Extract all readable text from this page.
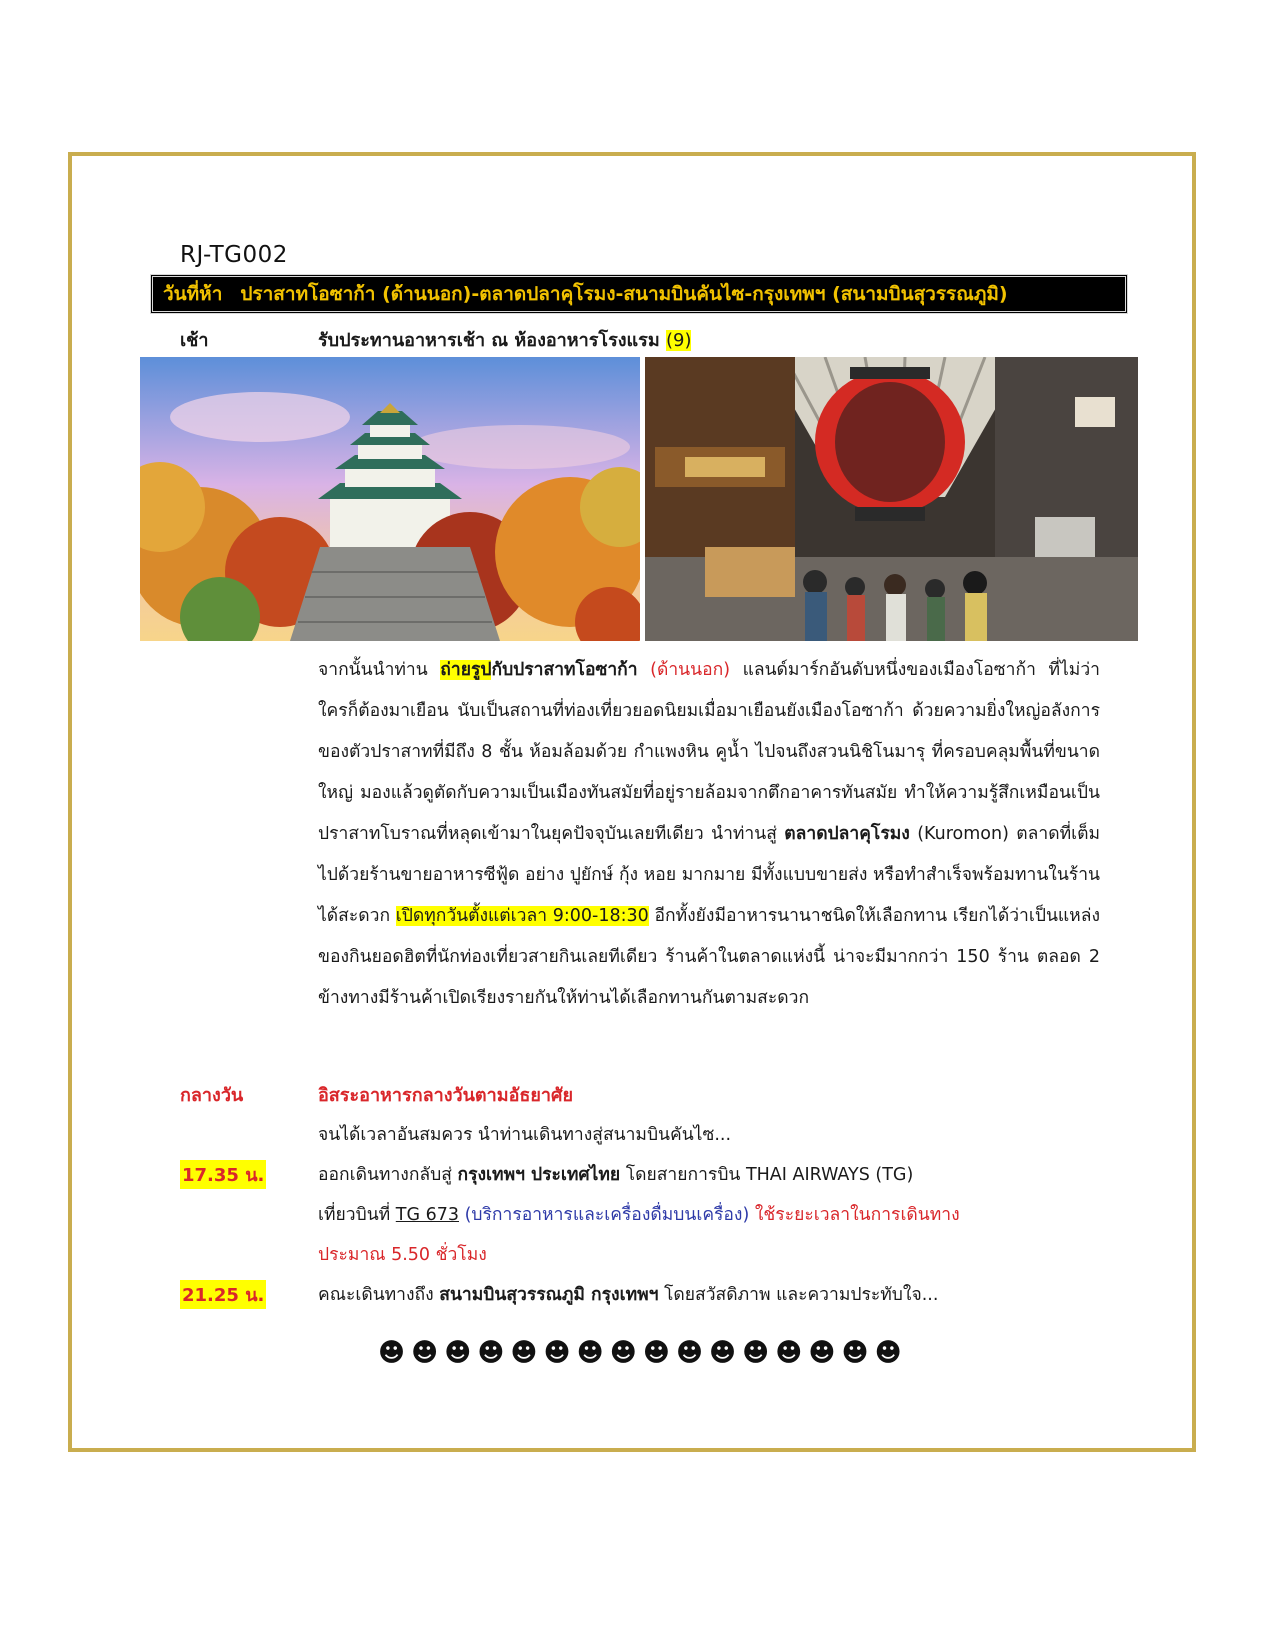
RJ-TG002
วันที่ห้า ปราสาทโอซาก้า (ด้านนอก)-ตลาดปลาคุโรมง-สนามบินคันไซ-กรุงเทพฯ (สนามบินสุวรรณภูมิ)
เช้า	รับประทานอาหารเช้า ณ ห้องอาหารโรงแรม (9)
จากนั้นนำท่าน ถ่ายรูปกับปราสาทโอซาก้า (ด้านนอก) แลนด์มาร์กอันดับหนึ่งของเมืองโอซาก้า ที่ไม่ว่าใครก็ต้องมาเยือน นับเป็นสถานที่ท่องเที่ยวยอดนิยมเมื่อมาเยือนยังเมืองโอซาก้า ด้วยความยิ่งใหญ่อลังการของตัวปราสาทที่มีถึง 8 ชั้น ห้อมล้อมด้วย กำแพงหิน คูน้ำ ไปจนถึงสวนนิชิโนมารุ ที่ครอบคลุมพื้นที่ขนาดใหญ่ มองแล้วดูตัดกับความเป็นเมืองทันสมัยที่อยู่รายล้อมจากตึกอาคารทันสมัย ทำให้ความรู้สึกเหมือนเป็นปราสาทโบราณที่หลุดเข้ามาในยุคปัจจุบันเลยทีเดียว นำท่านสู่ ตลาดปลาคุโรมง (Kuromon) ตลาดที่เต็มไปด้วยร้านขายอาหารซีฟู้ด อย่าง ปูยักษ์ กุ้ง หอย มากมาย มีทั้งแบบขายส่ง หรือทำสำเร็จพร้อมทานในร้านได้สะดวก เปิดทุกวันตั้งแต่เวลา 9:00-18:30 อีกทั้งยังมีอาหารนานาชนิดให้เลือกทาน เรียกได้ว่าเป็นแหล่งของกินยอดฮิตที่นักท่องเที่ยวสายกินเลยทีเดียว ร้านค้าในตลาดแห่งนี้ น่าจะมีมากกว่า 150 ร้าน ตลอด 2 ข้างทางมีร้านค้าเปิดเรียงรายกันให้ท่านได้เลือกทานกันตามสะดวก
กลางวัน	อิสระอาหารกลางวันตามอัธยาศัย
จนได้เวลาอันสมควร นำท่านเดินทางสู่สนามบินคันไซ...
17.35 น.	ออกเดินทางกลับสู่ กรุงเทพฯ ประเทศไทย โดยสายการบิน THAI AIRWAYS (TG)
เที่ยวบินที่ TG 673 (บริการอาหารและเครื่องดื่มบนเครื่อง) ใช้ระยะเวลาในการเดินทาง
ประมาณ 5.50 ชั่วโมง
21.25 น.	คณะเดินทางถึง สนามบินสุวรรณภูมิ กรุงเทพฯ โดยสวัสดิภาพ และความประทับใจ...
☻☻☻☻☻☻☻☻☻☻☻☻☻☻☻☻
